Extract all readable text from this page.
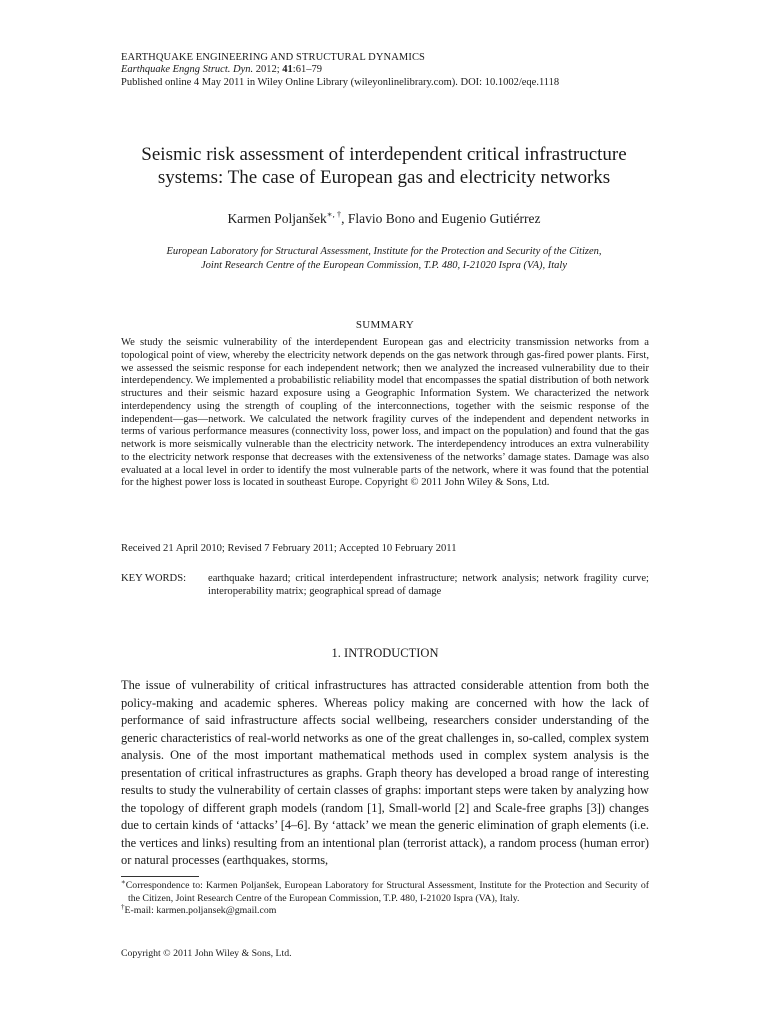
EARTHQUAKE ENGINEERING AND STRUCTURAL DYNAMICS
Earthquake Engng Struct. Dyn. 2012; 41:61–79
Published online 4 May 2011 in Wiley Online Library (wileyonlinelibrary.com). DOI: 10.1002/eqe.1118
Seismic risk assessment of interdependent critical infrastructure
systems: The case of European gas and electricity networks
Karmen Poljanšek∗, †, Flavio Bono and Eugenio Gutiérrez
European Laboratory for Structural Assessment, Institute for the Protection and Security of the Citizen,
Joint Research Centre of the European Commission, T.P. 480, I-21020 Ispra (VA), Italy
SUMMARY
We study the seismic vulnerability of the interdependent European gas and electricity transmission networks from a topological point of view, whereby the electricity network depends on the gas network through gas-fired power plants. First, we assessed the seismic response for each independent network; then we analyzed the increased vulnerability due to their interdependency. We implemented a probabilistic reliability model that encompasses the spatial distribution of both network structures and their seismic hazard exposure using a Geographic Information System. We characterized the network interdependency using the strength of coupling of the interconnections, together with the seismic response of the independent—gas—network. We calculated the network fragility curves of the independent and dependent networks in terms of various performance measures (connectivity loss, power loss, and impact on the population) and found that the gas network is more seismically vulnerable than the electricity network. The interdependency introduces an extra vulnerability to the electricity network response that decreases with the extensiveness of the networks’ damage states. Damage was also evaluated at a local level in order to identify the most vulnerable parts of the network, where it was found that the potential for the highest power loss is located in southeast Europe. Copyright © 2011 John Wiley & Sons, Ltd.
Received 21 April 2010; Revised 7 February 2011; Accepted 10 February 2011
KEY WORDS:	earthquake hazard; critical interdependent infrastructure; network analysis; network fragility curve; interoperability matrix; geographical spread of damage
1. INTRODUCTION
The issue of vulnerability of critical infrastructures has attracted considerable attention from both the policy-making and academic spheres. Whereas policy making are concerned with how the lack of performance of said infrastructure affects social wellbeing, researchers consider understanding of the generic characteristics of real-world networks as one of the great challenges in, so-called, complex system analysis. One of the most important mathematical methods used in complex system analysis is the presentation of critical infrastructures as graphs. Graph theory has developed a broad range of interesting results to study the vulnerability of certain classes of graphs: important steps were taken by analyzing how the topology of different graph models (random [1], Small-world [2] and Scale-free graphs [3]) changes due to certain kinds of ‘attacks’ [4–6]. By ‘attack’ we mean the generic elimination of graph elements (i.e. the vertices and links) resulting from an intentional plan (terrorist attack), a random process (human error) or natural processes (earthquakes, storms,
∗Correspondence to: Karmen Poljanšek, European Laboratory for Structural Assessment, Institute for the Protection and Security of the Citizen, Joint Research Centre of the European Commission, T.P. 480, I-21020 Ispra (VA), Italy.
†E-mail: karmen.poljansek@gmail.com
Copyright © 2011 John Wiley & Sons, Ltd.
